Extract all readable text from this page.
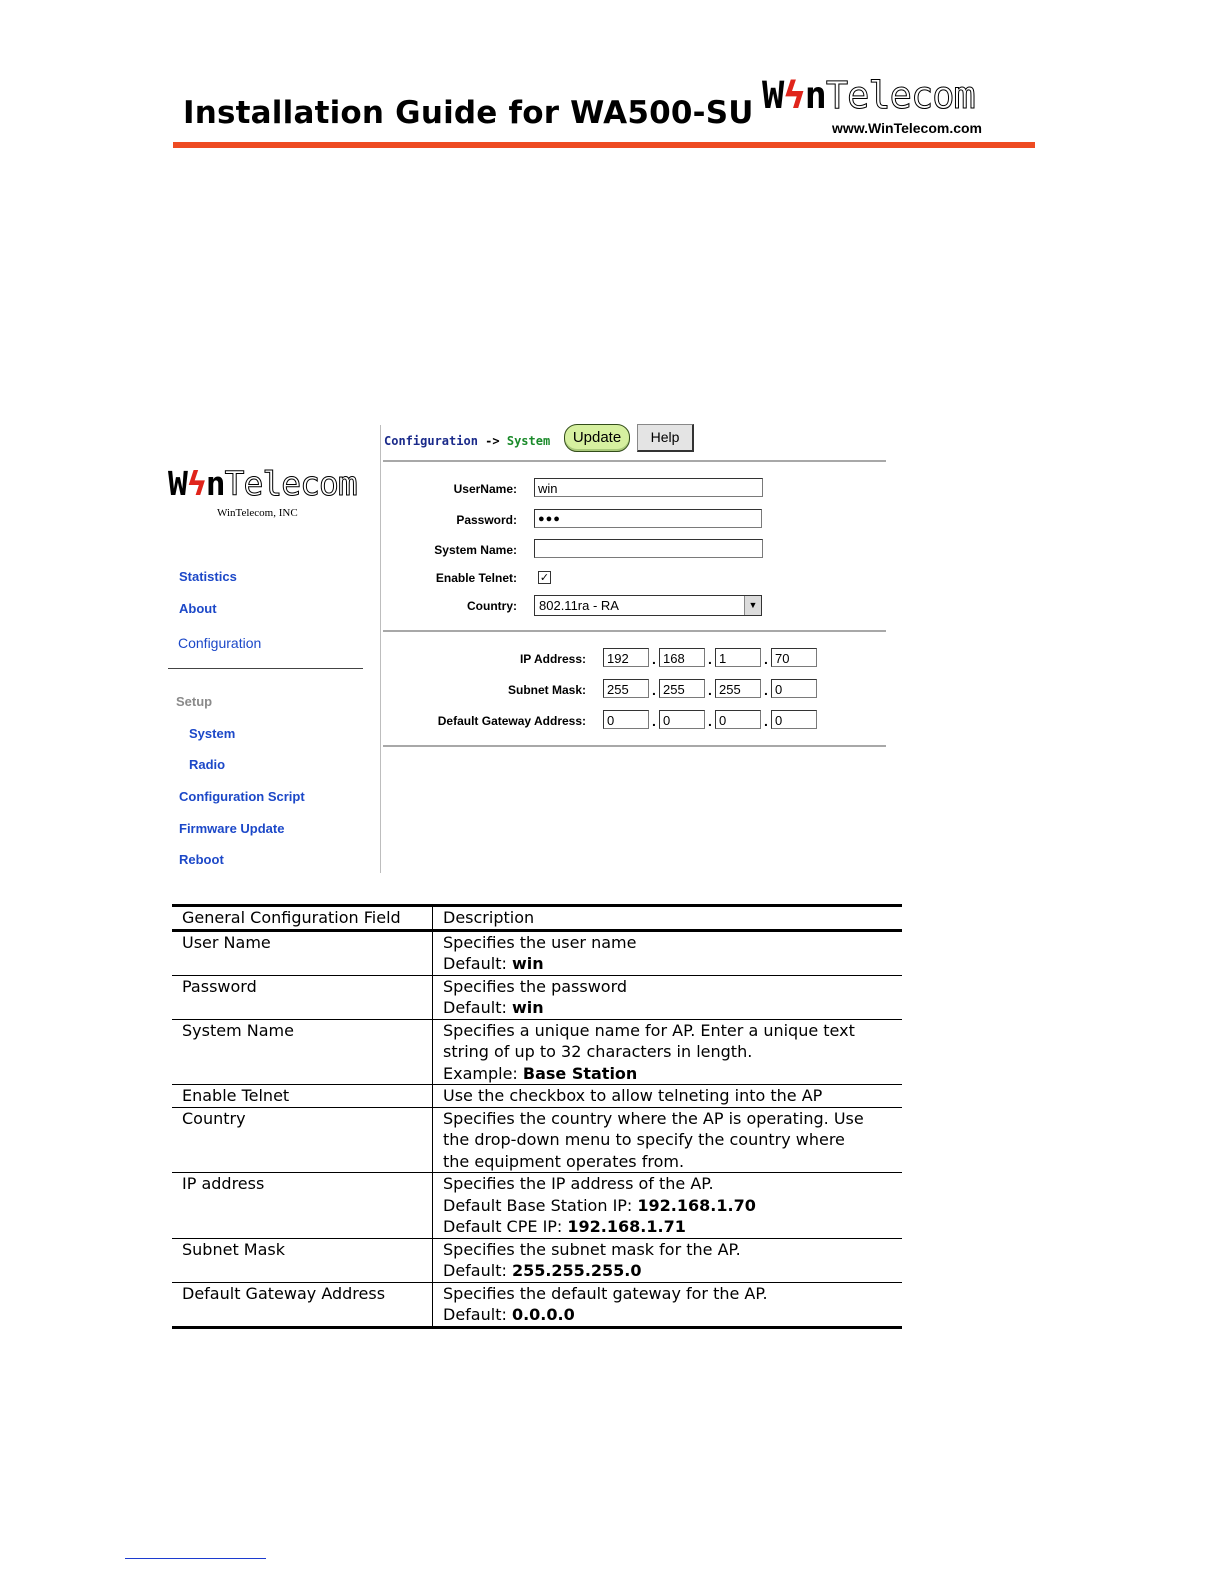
Installation Guide for WA500-SU WϟnTelecom
www.WinTelecom.com
WϟnTelecom
WinTelecom, INC
Statistics
About
Configuration
Setup
System
Radio
Configuration Script
Firmware Update
Reboot
Configuration -> System	Update	Help
UserName:	win
Password:	●●●
System Name:
Enable Telnet: ✓
Country:	802.11ra - RA	▼
IP Address:	192	. 168	. 1	. 70
Subnet Mask:	255	. 255	. 255	. 0
Default Gateway Address:	0	. 0	. 0	. 0
General Configuration Field	Description
User Name	Specifies the user name
Default: win

Password	Specifies the password
Default: win

System Name	Specifies a unique name for AP. Enter a unique text
string of up to 32 characters in length.
Example: Base Station

Enable Telnet	Use the checkbox to allow telneting into the AP

Country	Specifies the country where the AP is operating. Use
the drop-down menu to specify the country where
the equipment operates from.

IP address	Specifies the IP address of the AP.
Default Base Station IP: 192.168.1.70
Default CPE IP: 192.168.1.71

Subnet Mask	Specifies the subnet mask for the AP.
Default: 255.255.255.0

Default Gateway Address	Specifies the default gateway for the AP.
Default: 0.0.0.0
